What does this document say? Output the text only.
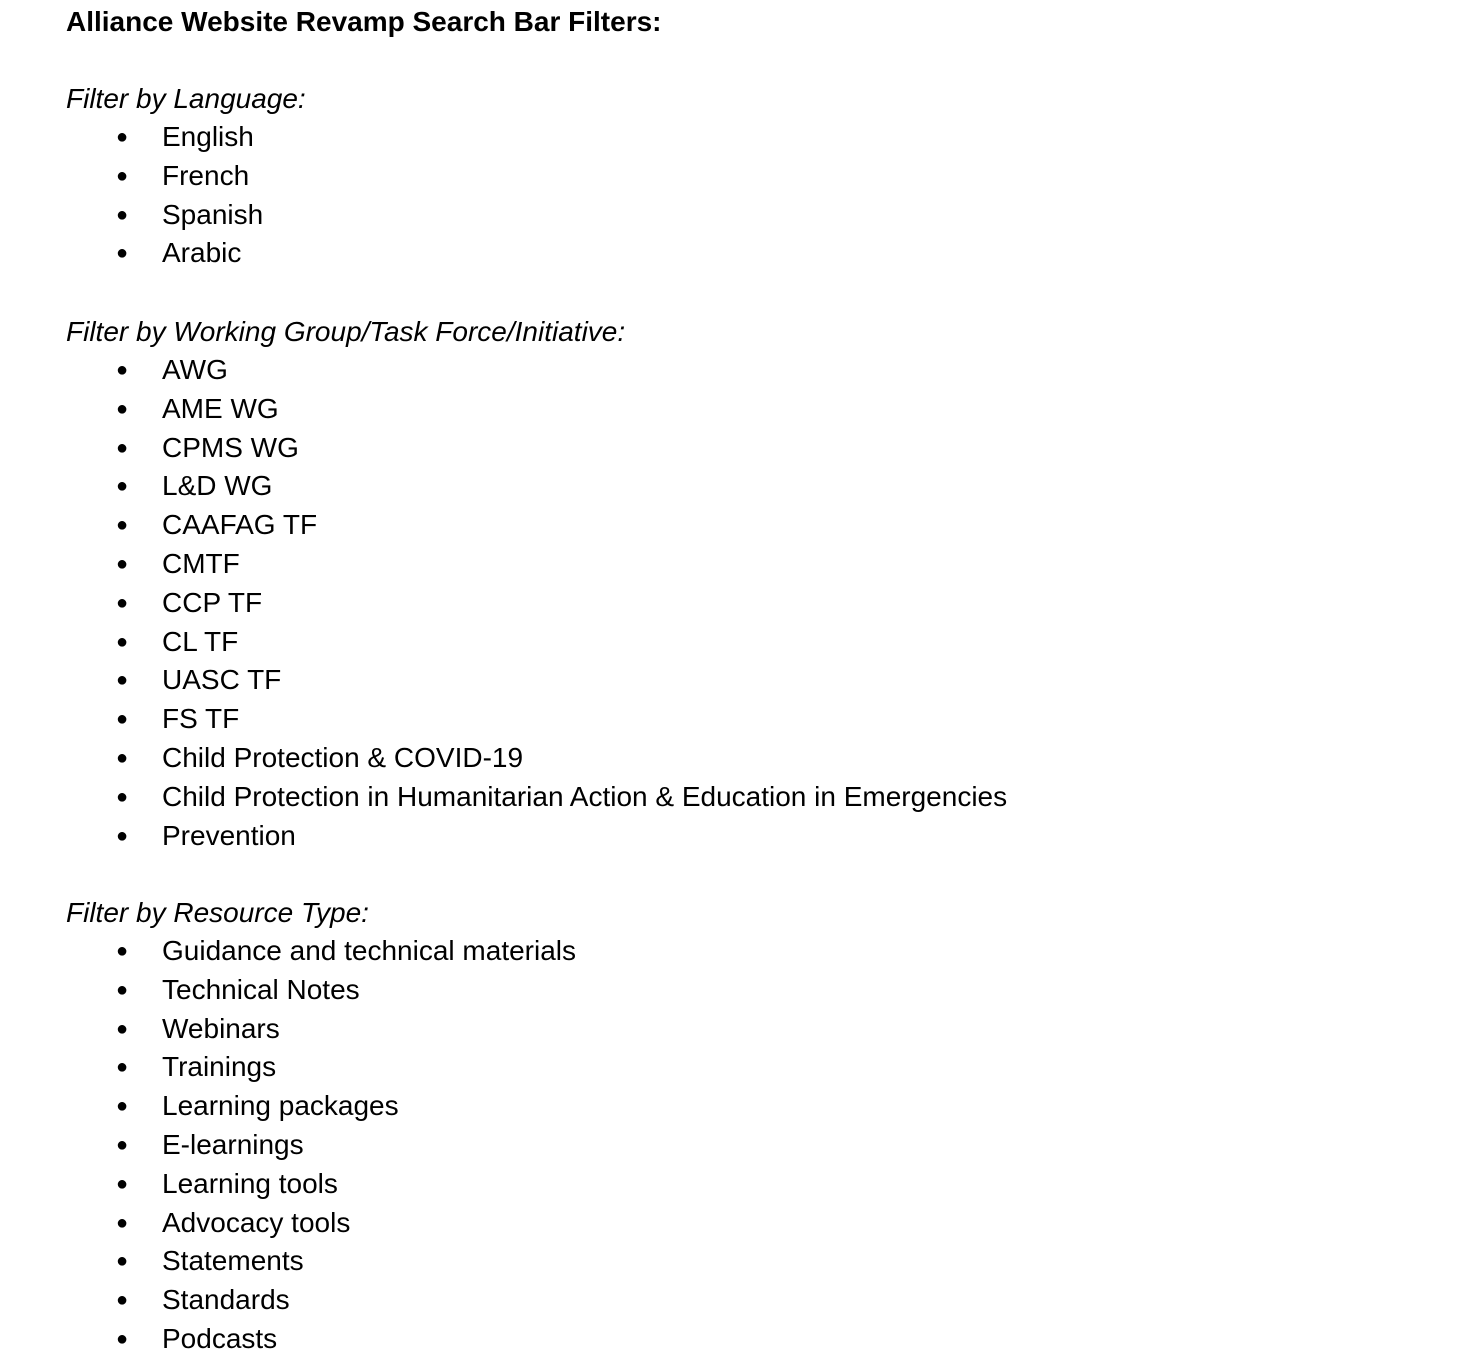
Alliance Website Revamp Search Bar Filters:
Filter by Language:
● English
● French
● Spanish
● Arabic
Filter by Working Group/Task Force/Initiative:
● AWG
● AME WG
● CPMS WG
● L&D WG
● CAAFAG TF
● CMTF
● CCP TF
● CL TF
● UASC TF
● FS TF
● Child Protection & COVID-19
● Child Protection in Humanitarian Action & Education in Emergencies
● Prevention
Filter by Resource Type:
● Guidance and technical materials
● Technical Notes
● Webinars
● Trainings
● Learning packages
● E-learnings
● Learning tools
● Advocacy tools
● Statements
● Standards
● Podcasts
